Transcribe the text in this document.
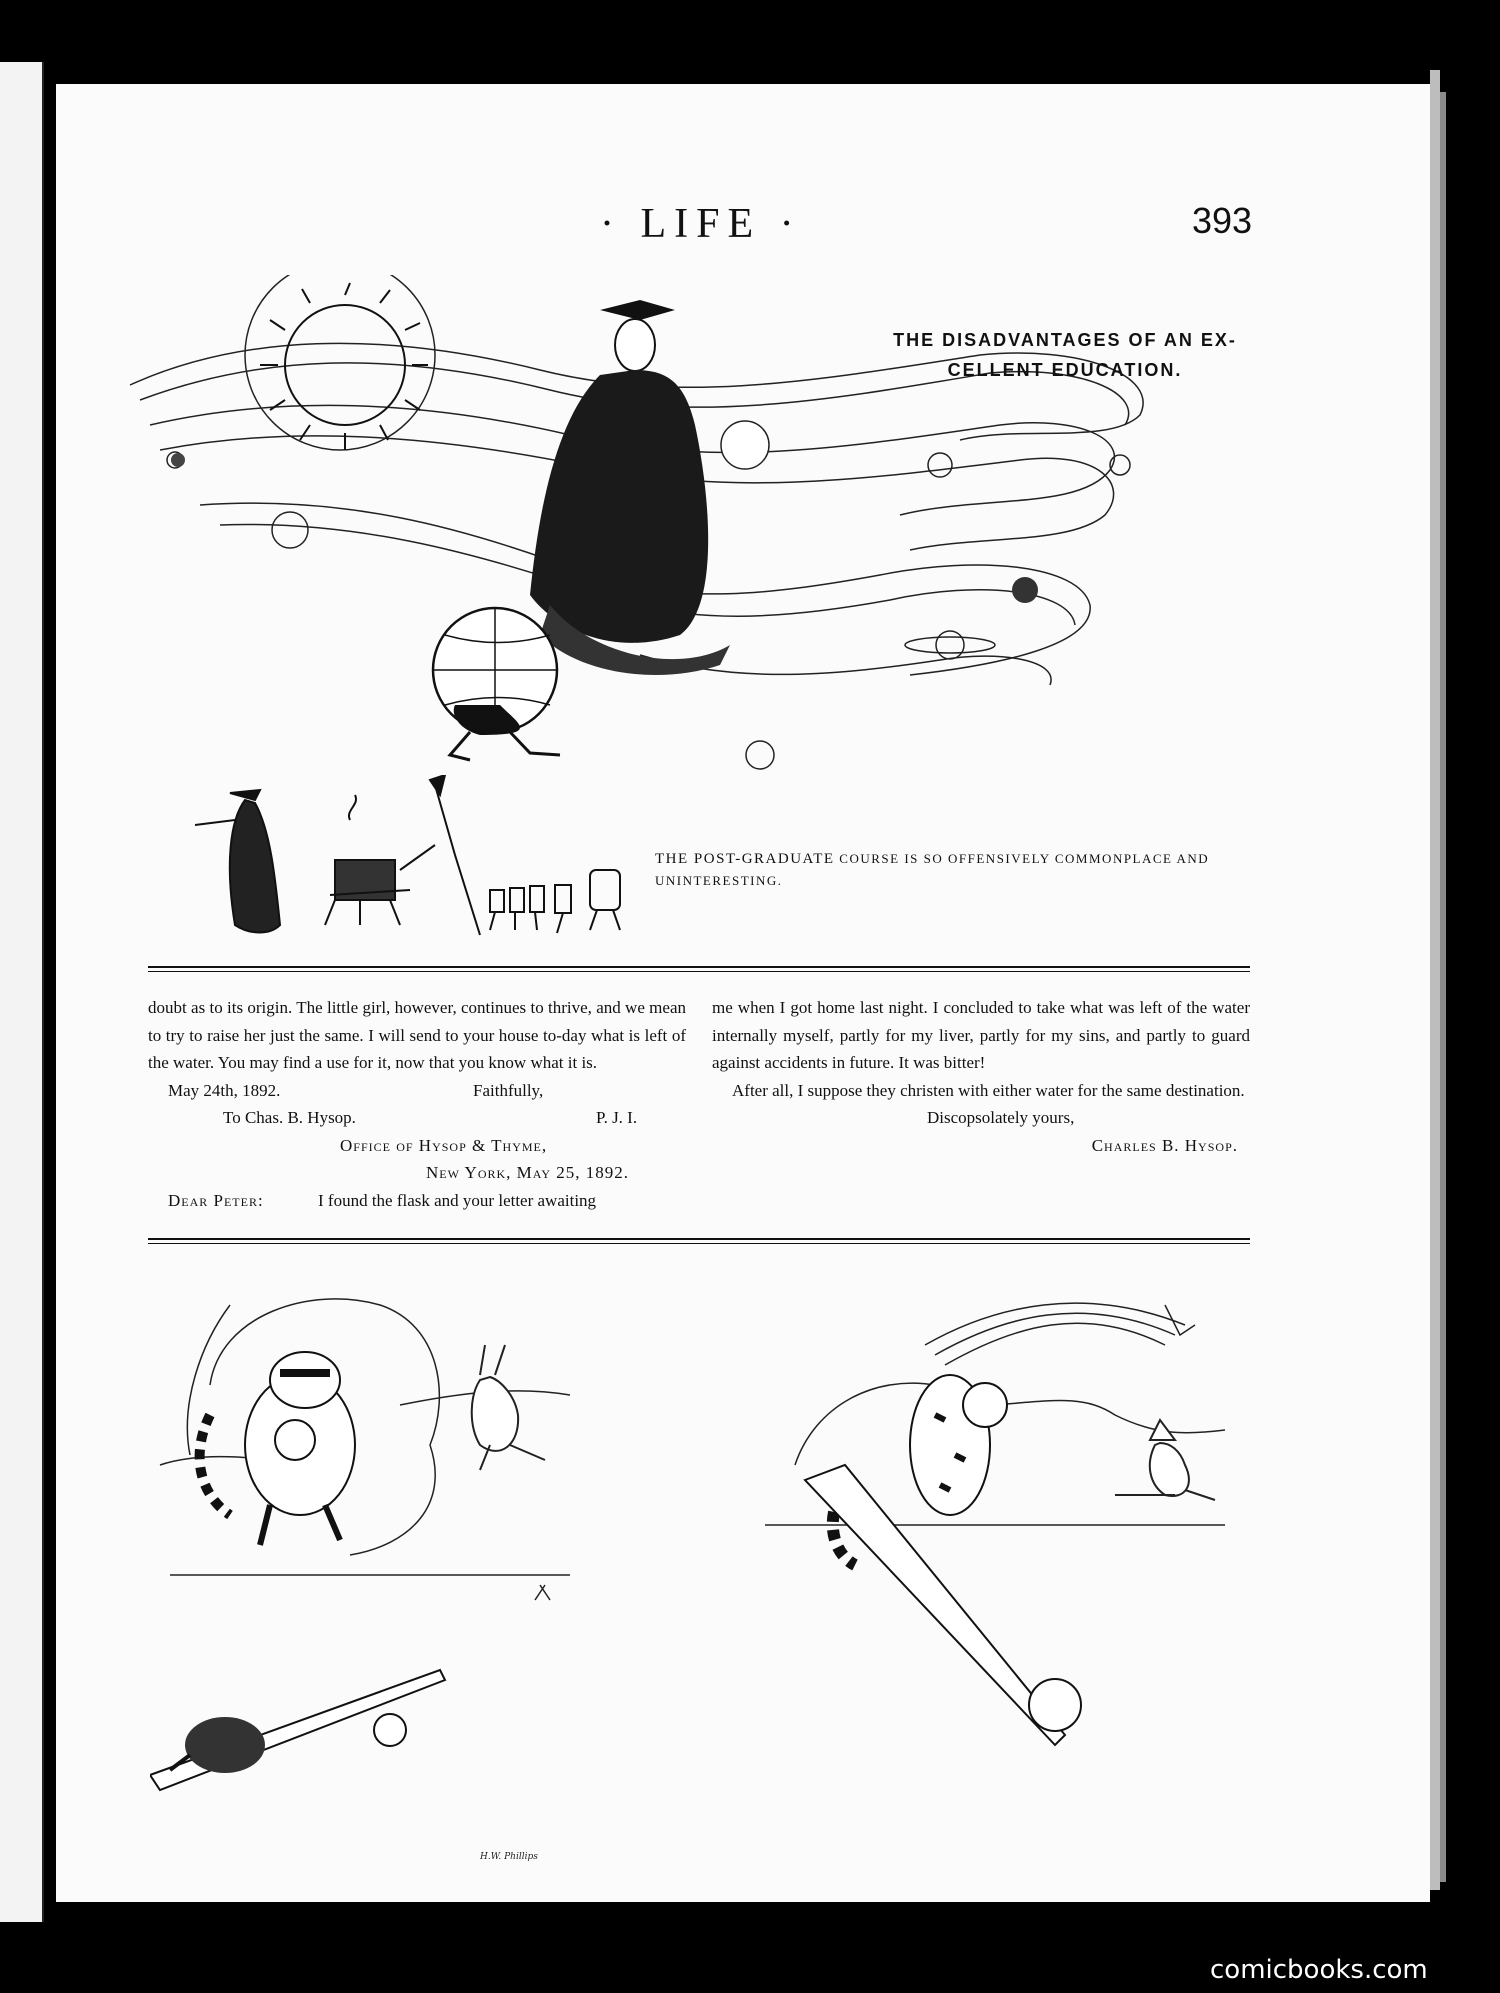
· LIFE ·	393
THE DISADVANTAGES OF AN EX- CELLENT EDUCATION.
THE POST-GRADUATE COURSE IS SO OFFENSIVELY COMMONPLACE AND UNINTERESTING.

doubt as to its origin. The little girl, however, continues to thrive, and we mean to try to raise her just the same. I will send to your house to-day what is left of the water. You may find a use for it, now that you know what it is.

May 24th, 1892.	Faithfully,
To Chas. B. Hysop.	P. J. I.
Office of Hysop & Thyme,
New York, May 25, 1892.
Dear Peter:	I found the flask and your letter awaiting

me when I got home last night. I concluded to take what was left of the water internally myself, partly for my liver, partly for my sins, and partly to guard against accidents in future. It was bitter!

After all, I suppose they christen with either water for the same destination.

Discopsolately yours,
Charles B. Hysop.
H.W. Phillips
comicbooks.com
